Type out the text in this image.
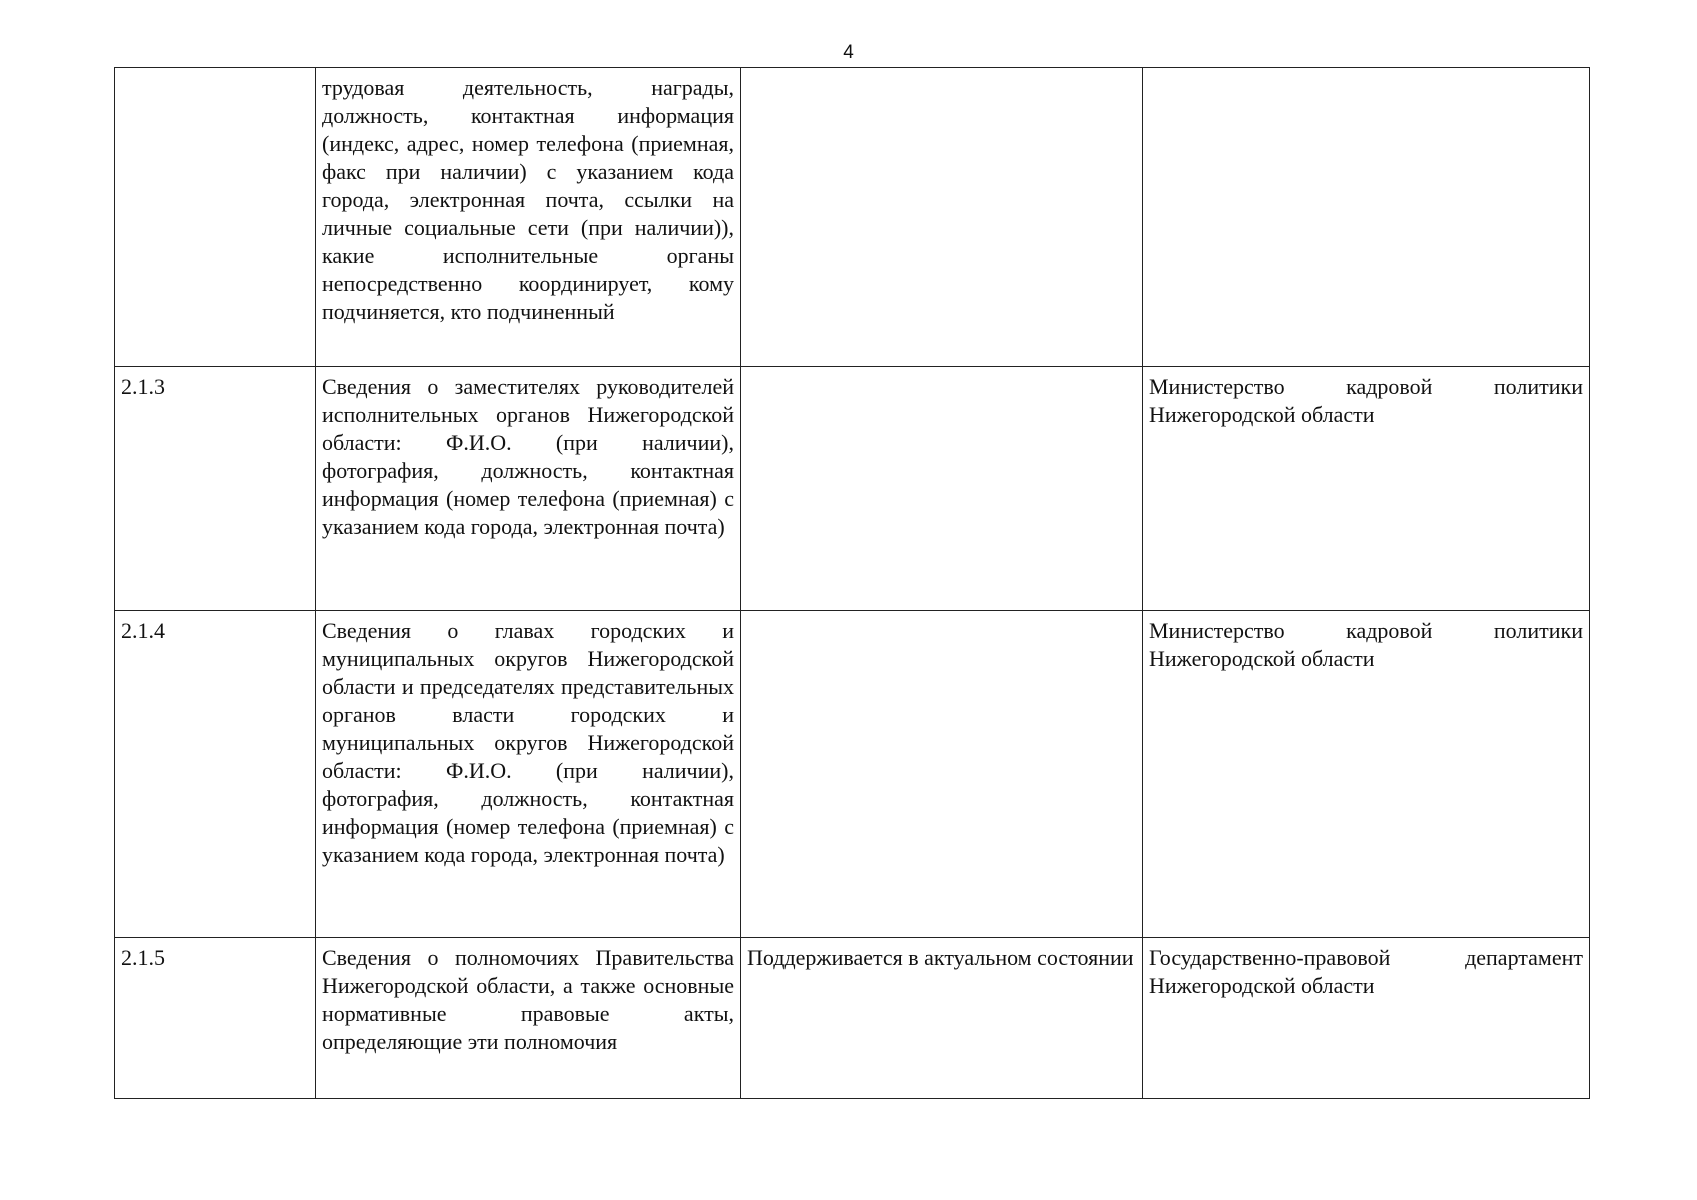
4
	трудовая деятельность, награды, должность, контактная информация (индекс, адрес, номер телефона (приемная, факс при наличии) с указанием кода города, электронная почта, ссылки на личные социальные сети (при наличии)), какие исполнительные органы непосредственно координирует, кому подчиняется, кто подчиненный		
2.1.3	Сведения о заместителях руководителей исполнительных органов Нижегородской области: Ф.И.О. (при наличии), фотография, должность, контактная информация (номер телефона (приемная) с указанием кода города, электронная почта)		Министерство кадровой политики Нижегородской области
2.1.4	Сведения о главах городских и муниципальных округов Нижегородской области и председателях представительных органов власти городских и муниципальных округов Нижегородской области: Ф.И.О. (при наличии), фотография, должность, контактная информация (номер телефона (приемная) с указанием кода города, электронная почта)		Министерство кадровой политики Нижегородской области
2.1.5	Сведения о полномочиях Правительства Нижегородской области, а также основные нормативные правовые акты, определяющие эти полномочия	Поддерживается в актуальном состоянии	Государственно-правовой департамент Нижегородской области
